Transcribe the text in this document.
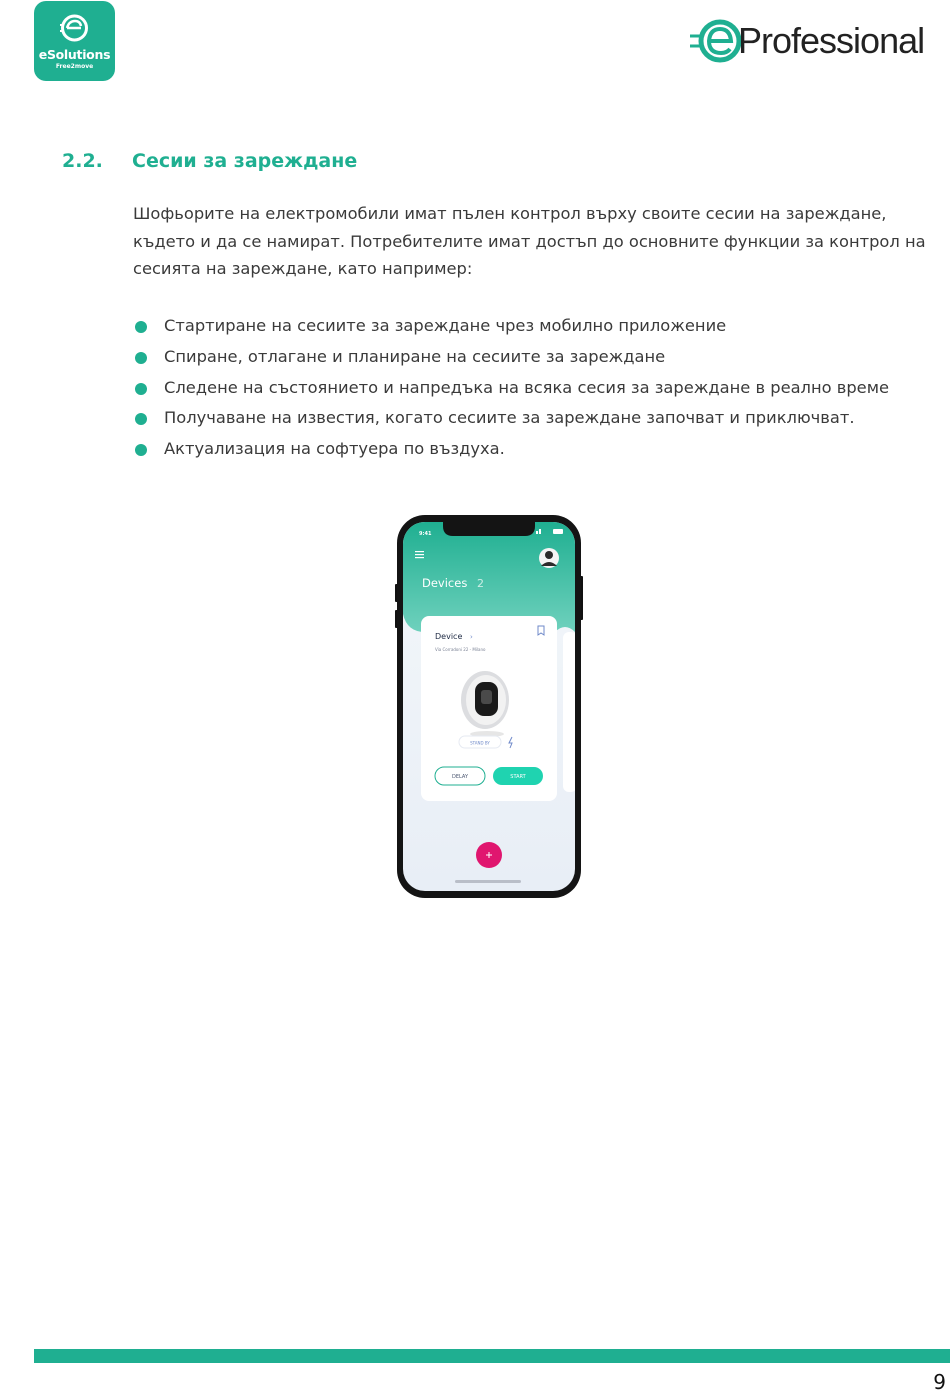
eSolutions
Free2move
Professional
2.2. Сесии за зареждане

Шофьорите на електромобили имат пълен контрол върху своите сесии на зареждане, където и да се намират. Потребителите имат достъп до основните функции за контрол на сесията на зареждане, като например:

Стартиране на сесиите за зареждане чрез мобилно приложение
Спиране, отлагане и планиране на сесиите за зареждане
Следене на състоянието и напредъка на всяка сесия за зареждане в реално време
Получаване на известия, когато сесиите за зареждане започват и приключват.
Актуализация на софтуера по въздуха.
9:41
Devices 2
Device ›
Via Corradoni 22 - Milano
STAND BY
DELAY	START
9
